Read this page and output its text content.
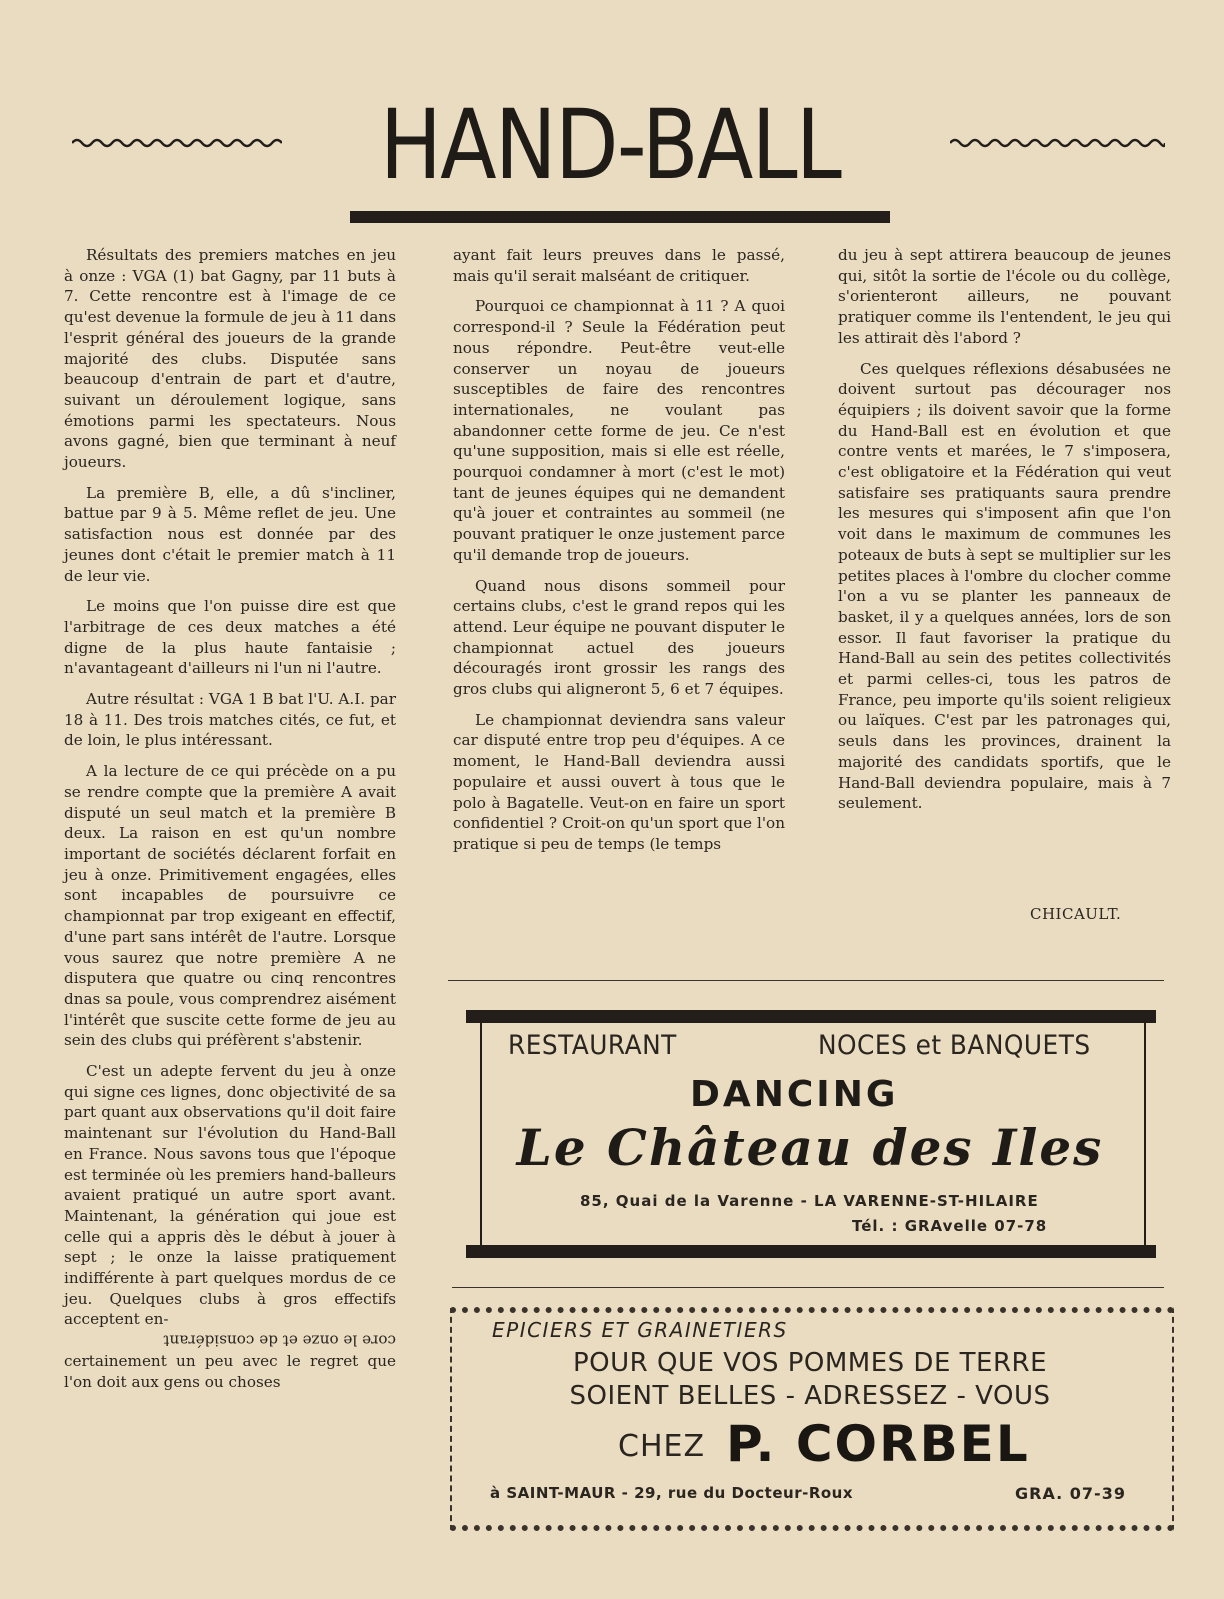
HAND-BALL

Résultats des premiers matches en jeu à onze : VGA (1) bat Gagny, par 11 buts à 7. Cette rencontre est à l'image de ce qu'est devenue la formule de jeu à 11 dans l'esprit général des joueurs de la grande majorité des clubs. Disputée sans beaucoup d'entrain de part et d'autre, suivant un déroulement logique, sans émotions parmi les spectateurs. Nous avons gagné, bien que terminant à neuf joueurs.

La première B, elle, a dû s'incliner, battue par 9 à 5. Même reflet de jeu. Une satisfaction nous est donnée par des jeunes dont c'était le premier match à 11 de leur vie.

Le moins que l'on puisse dire est que l'arbitrage de ces deux matches a été digne de la plus haute fantaisie ; n'avantageant d'ailleurs ni l'un ni l'autre.

Autre résultat : VGA 1 B bat l'U. A.I. par 18 à 11. Des trois matches cités, ce fut, et de loin, le plus intéressant.

A la lecture de ce qui précède on a pu se rendre compte que la première A avait disputé un seul match et la première B deux. La raison en est qu'un nombre important de sociétés déclarent forfait en jeu à onze. Primitivement engagées, elles sont incapables de poursuivre ce championnat par trop exigeant en effectif, d'une part sans intérêt de l'autre. Lorsque vous saurez que notre première A ne disputera que quatre ou cinq rencontres dnas sa poule, vous comprendrez aisément l'intérêt que suscite cette forme de jeu au sein des clubs qui préfèrent s'abstenir.

C'est un adepte fervent du jeu à onze qui signe ces lignes, donc objectivité de sa part quant aux observations qu'il doit faire maintenant sur l'évolution du Hand-Ball en France. Nous savons tous que l'époque est terminée où les premiers hand-balleurs avaient pratiqué un autre sport avant. Maintenant, la génération qui joue est celle qui a appris dès le début à jouer à sept ; le onze la laisse pratiquement indifférente à part quelques mordus de ce jeu. Quelques clubs à gros effectifs acceptent en-

core le onze et de considérant

certainement un peu avec le regret que l'on doit aux gens ou choses

ayant fait leurs preuves dans le passé, mais qu'il serait malséant de critiquer.

Pourquoi ce championnat à 11 ? A quoi correspond-il ? Seule la Fédération peut nous répondre. Peut-être veut-elle conserver un noyau de joueurs susceptibles de faire des rencontres internationales, ne voulant pas abandonner cette forme de jeu. Ce n'est qu'une supposition, mais si elle est réelle, pourquoi condamner à mort (c'est le mot) tant de jeunes équipes qui ne demandent qu'à jouer et contraintes au sommeil (ne pouvant pratiquer le onze justement parce qu'il demande trop de joueurs.

Quand nous disons sommeil pour certains clubs, c'est le grand repos qui les attend. Leur équipe ne pouvant disputer le championnat actuel des joueurs découragés iront grossir les rangs des gros clubs qui aligneront 5, 6 et 7 équipes.

Le championnat deviendra sans valeur car disputé entre trop peu d'équipes. A ce moment, le Hand-Ball deviendra aussi populaire et aussi ouvert à tous que le polo à Bagatelle. Veut-on en faire un sport confidentiel ? Croit-on qu'un sport que l'on pratique si peu de temps (le temps

du jeu à sept attirera beaucoup de jeunes qui, sitôt la sortie de l'école ou du collège, s'orienteront ailleurs, ne pouvant pratiquer comme ils l'entendent, le jeu qui les attirait dès l'abord ?

Ces quelques réflexions désabusées ne doivent surtout pas décourager nos équipiers ; ils doivent savoir que la forme du Hand-Ball est en évolution et que contre vents et marées, le 7 s'imposera, c'est obligatoire et la Fédération qui veut satisfaire ses pratiquants saura prendre les mesures qui s'imposent afin que l'on voit dans le maximum de communes les poteaux de buts à sept se multiplier sur les petites places à l'ombre du clocher comme l'on a vu se planter les panneaux de basket, il y a quelques années, lors de son essor. Il faut favoriser la pratique du Hand-Ball au sein des petites collectivités et parmi celles-ci, tous les patros de France, peu importe qu'ils soient religieux ou laïques. C'est par les patronages qui, seuls dans les provinces, drainent la majorité des candidats sportifs, que le Hand-Ball deviendra populaire, mais à 7 seulement.

CHICAULT.
RESTAURANT	NOCES et BANQUETS
DANCING
Le Château des Iles
85, Quai de la Varenne - LA VARENNE-ST-HILAIRE
Tél. : GRAvelle 07-78
EPICIERS ET GRAINETIERS
POUR QUE VOS POMMES DE TERRE
SOIENT BELLES - ADRESSEZ - VOUS
CHEZ P. CORBEL
à SAINT-MAUR - 29, rue du Docteur-Roux	GRA. 07-39
